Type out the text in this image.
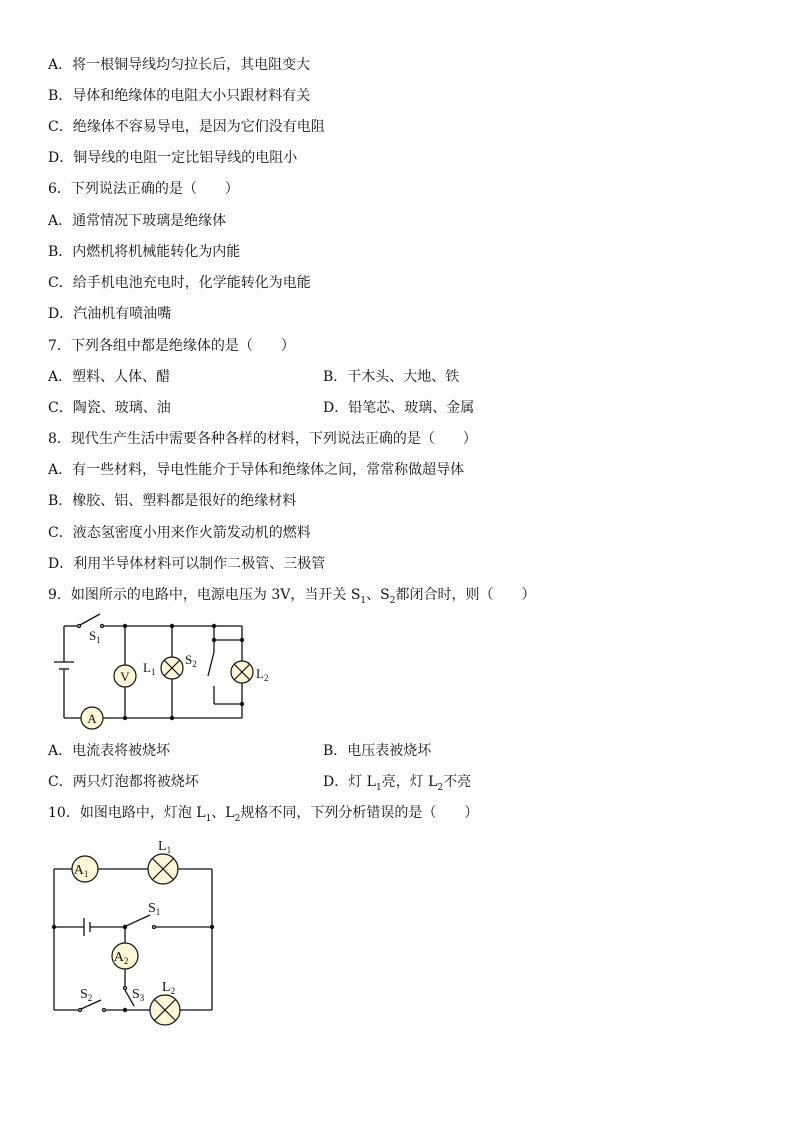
A．将一根铜导线均匀拉长后，其电阻变大
B．导体和绝缘体的电阻大小只跟材料有关
C．绝缘体不容易导电，是因为它们没有电阻
D．铜导线的电阻一定比铝导线的电阻小
6．下列说法正确的是（　　）
A．通常情况下玻璃是绝缘体
B．内燃机将机械能转化为内能
C．给手机电池充电时，化学能转化为电能
D．汽油机有喷油嘴
7．下列各组中都是绝缘体的是（　　）
A．塑料、人体、醋	B．干木头、大地、铁
C．陶瓷、玻璃、油	D．铅笔芯、玻璃、金属
8．现代生产生活中需要各种各样的材料，下列说法正确的是（　　）
A．有一些材料，导电性能介于导体和绝缘体之间，常常称做超导体
B．橡胶、铝、塑料都是很好的绝缘材料
C．液态氢密度小用来作火箭发动机的燃料
D．利用半导体材料可以制作二极管、三极管
9．如图所示的电路中，电源电压为 3V，当开关 $S_1$、$S_2$都闭合时，则（　　）
A
V
$S_1$
$L_1$
$S_2$
$L_2$
A．电流表将被烧坏	B．电压表被烧坏
C．两只灯泡都将被烧坏	D．灯 $L_1$亮，灯 $L_2$不亮
10．如图电路中，灯泡 $L_1$、$L_2$规格不同，下列分析错误的是（　　）
$A_1$
$L_1$
$S_1$
$A_2$
$S_2$	$S_3$
$L_2$
